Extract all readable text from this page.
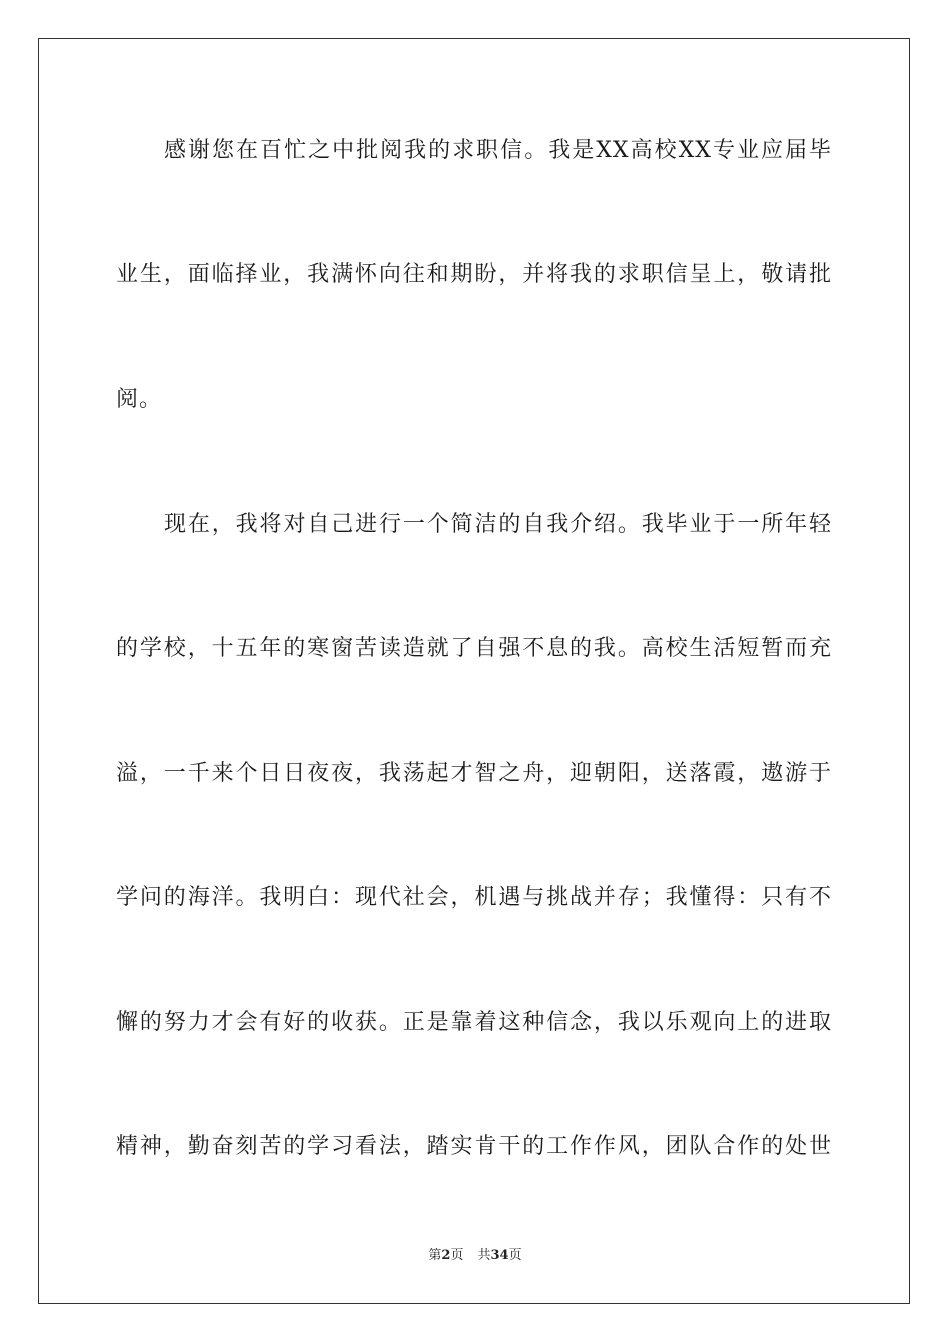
感谢您在百忙之中批阅我的求职信。我是XX高校XX专业应届毕
业生，面临择业，我满怀向往和期盼，并将我的求职信呈上，敬请批
阅。
现在，我将对自己进行一个简洁的自我介绍。我毕业于一所年轻
的学校，十五年的寒窗苦读造就了自强不息的我。高校生活短暂而充
溢，一千来个日日夜夜，我荡起才智之舟，迎朝阳，送落霞，遨游于
学问的海洋。我明白：现代社会，机遇与挑战并存；我懂得：只有不
懈的努力才会有好的收获。正是靠着这种信念，我以乐观向上的进取
精神，勤奋刻苦的学习看法，踏实肯干的工作作风，团队合作的处世
第2页 共34页
